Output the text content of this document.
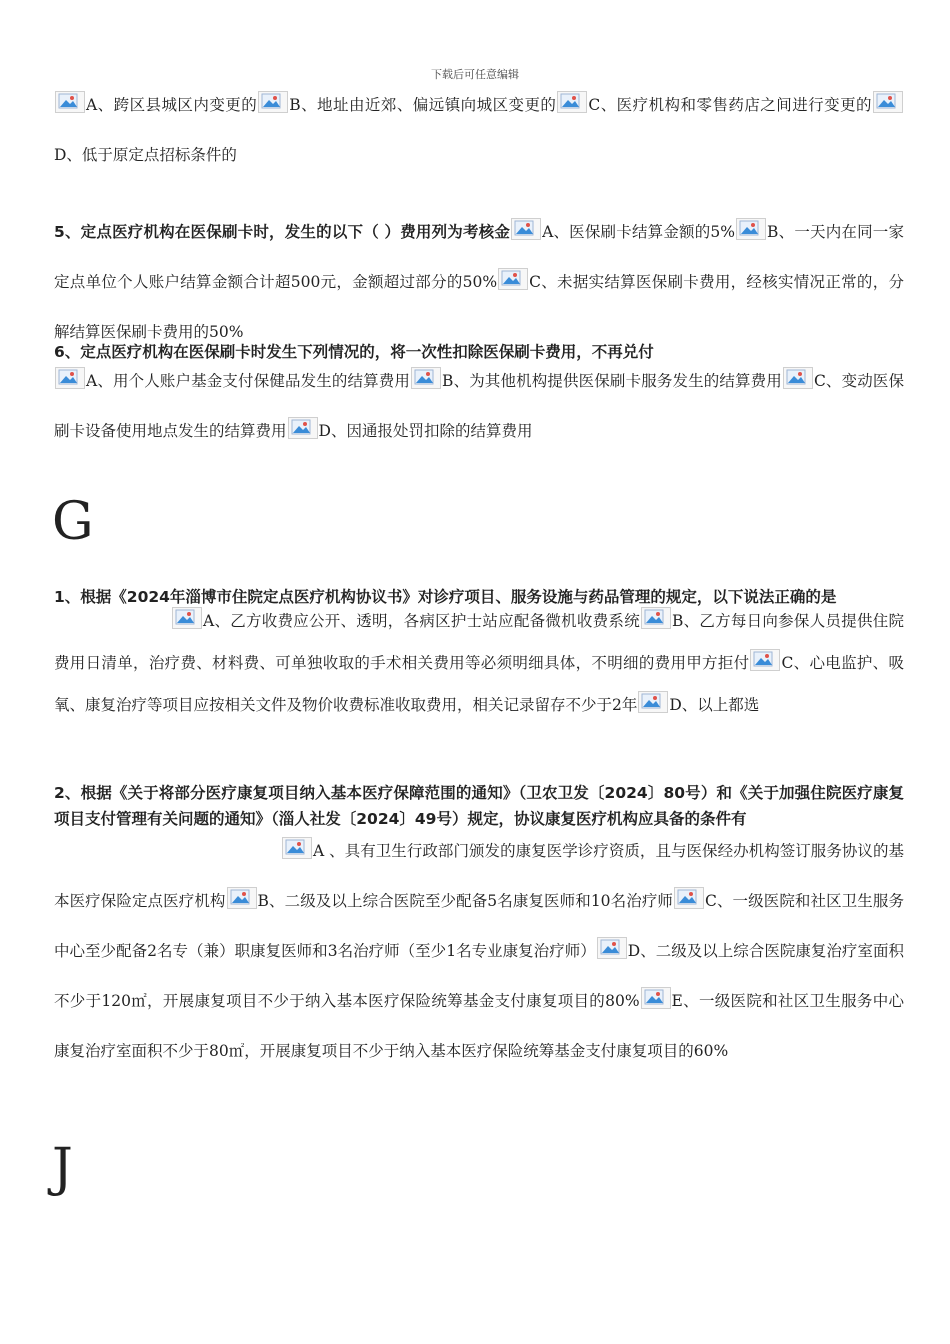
下载后可任意编辑
A、跨区县城区内变更的 B、地址由近郊、偏远镇向城区变更的 C、医疗机构和零售药店之间进行变更的
D、低于原定点招标条件的
5、定点医疗机构在医保刷卡时，发生的以下（ ）费用列为考核金 A、医保刷卡结算金额的5% B、一天内在同一家定点单位个人账户结算金额合计超500元，金额超过部分的50% C、未据实结算医保刷卡费用，经核实情况正常的，分解结算医保刷卡费用的50%
6、定点医疗机构在医保刷卡时发生下列情况的，将一次性扣除医保刷卡费用，不再兑付
A、用个人账户基金支付保健品发生的结算费用 B、为其他机构提供医保刷卡服务发生的结算费用 C、变动医保刷卡设备使用地点发生的结算费用 D、因通报处罚扣除的结算费用
G
1、根据《2024年淄博市住院定点医疗机构协议书》对诊疗项目、服务设施与药品管理的规定，以下说法正确的是
A、乙方收费应公开、透明，各病区护士站应配备微机收费系统 B、乙方每日向参保人员提供住院费用日清单，治疗费、材料费、可单独收取的手术相关费用等必须明细具体，不明细的费用甲方拒付 C、心电监护、吸氧、康复治疗等项目应按相关文件及物价收费标准收取费用，相关记录留存不少于2年 D、以上都选
2、根据《关于将部分医疗康复项目纳入基本医疗保障范围的通知》（卫农卫发〔2024〕80号）和《关于加强住院医疗康复项目支付管理有关问题的通知》（淄人社发〔2024〕49号）规定，协议康复医疗机构应具备的条件有
A 、具有卫生行政部门颁发的康复医学诊疗资质，且与医保经办机构签订服务协议的基本医疗保险定点医疗机构 B、二级及以上综合医院至少配备5名康复医师和10名治疗师 C、一级医院和社区卫生服务中心至少配备2名专（兼）职康复医师和3名治疗师（至少1名专业康复治疗师） D、二级及以上综合医院康复治疗室面积不少于120㎡，开展康复项目不少于纳入基本医疗保险统筹基金支付康复项目的80% E、一级医院和社区卫生服务中心康复治疗室面积不少于80㎡，开展康复项目不少于纳入基本医疗保险统筹基金支付康复项目的60%
J
